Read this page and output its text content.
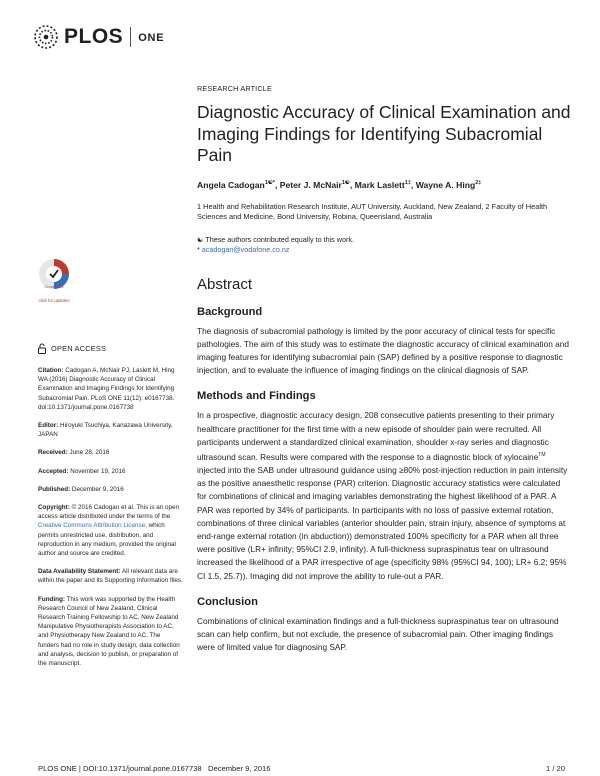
PLOS ONE
CrossMark
click for updates
OPEN ACCESS
Citation: Cadogan A, McNair PJ, Laslett M, Hing WA (2016) Diagnostic Accuracy of Clinical Examination and Imaging Findings for Identifying Subacromial Pain. PLoS ONE 11(12): e0167738. doi:10.1371/journal.pone.0167738
Editor: Hiroyuki Tsuchiya, Kanazawa University, JAPAN
Received: June 28, 2016
Accepted: November 19, 2016
Published: December 9, 2016
Copyright: © 2016 Cadogan et al. This is an open access article distributed under the terms of the Creative Commons Attribution License, which permits unrestricted use, distribution, and reproduction in any medium, provided the original author and source are credited.
Data Availability Statement: All relevant data are within the paper and its Supporting Information files.
Funding: This work was supported by the Health Research Council of New Zealand, Clinical Research Training Fellowship to AC, New Zealand Manipulative Physiotherapists Association to AC, and Physiotherapy New Zealand to AC. The funders had no role in study design, data collection and analysis, decision to publish, or preparation of the manuscript.
RESEARCH ARTICLE
Diagnostic Accuracy of Clinical Examination and Imaging Findings for Identifying Subacromial Pain
Angela Cadogan$^{1☯*}$, Peter J. McNair$^{1☯}$, Mark Laslett$^{1\ddagger}$, Wayne A. Hing$^{2\ddagger}$
1 Health and Rehabilitation Research Institute, AUT University, Auckland, New Zealand, 2 Faculty of Health Sciences and Medicine, Bond University, Robina, Queensland, Australia
☯ These authors contributed equally to this work.
* acadogan@vodafone.co.nz
Abstract
Background
The diagnosis of subacromial pathology is limited by the poor accuracy of clinical tests for specific pathologies. The aim of this study was to estimate the diagnostic accuracy of clinical examination and imaging features for identifying subacromial pain (SAP) defined by a positive response to diagnostic injection, and to evaluate the influence of imaging findings on the clinical diagnosis of SAP.
Methods and Findings
In a prospective, diagnostic accuracy design, 208 consecutive patients presenting to their primary healthcare practitioner for the first time with a new episode of shoulder pain were recruited. All participants underwent a standardized clinical examination, shoulder x-ray series and diagnostic ultrasound scan. Results were compared with the response to a diagnostic block of xylocaine™ injected into the SAB under ultrasound guidance using ≥80% post-injection reduction in pain intensity as the positive anaesthetic response (PAR) criterion. Diagnostic accuracy statistics were calculated for combinations of clinical and imaging variables demonstrating the highest likelihood of a PAR. A PAR was reported by 34% of participants. In participants with no loss of passive external rotation, combinations of three clinical variables (anterior shoulder pain, strain injury, absence of symptoms at end-range external rotation (in abduction)) demonstrated 100% specificity for a PAR when all three were positive (LR+ infinity; 95%CI 2.9, infinity). A full-thickness supraspinatus tear on ultrasound increased the likelihood of a PAR irrespective of age (specificity 98% (95%CI 94, 100); LR+ 6.2; 95% CI 1.5, 25.7)). Imaging did not improve the ability to rule-out a PAR.
Conclusion
Combinations of clinical examination findings and a full-thickness supraspinatus tear on ultrasound scan can help confirm, but not exclude, the presence of subacromial pain. Other imaging findings were of limited value for diagnosing SAP.
PLOS ONE | DOI:10.1371/journal.pone.0167738   December 9, 2016	1 / 20
